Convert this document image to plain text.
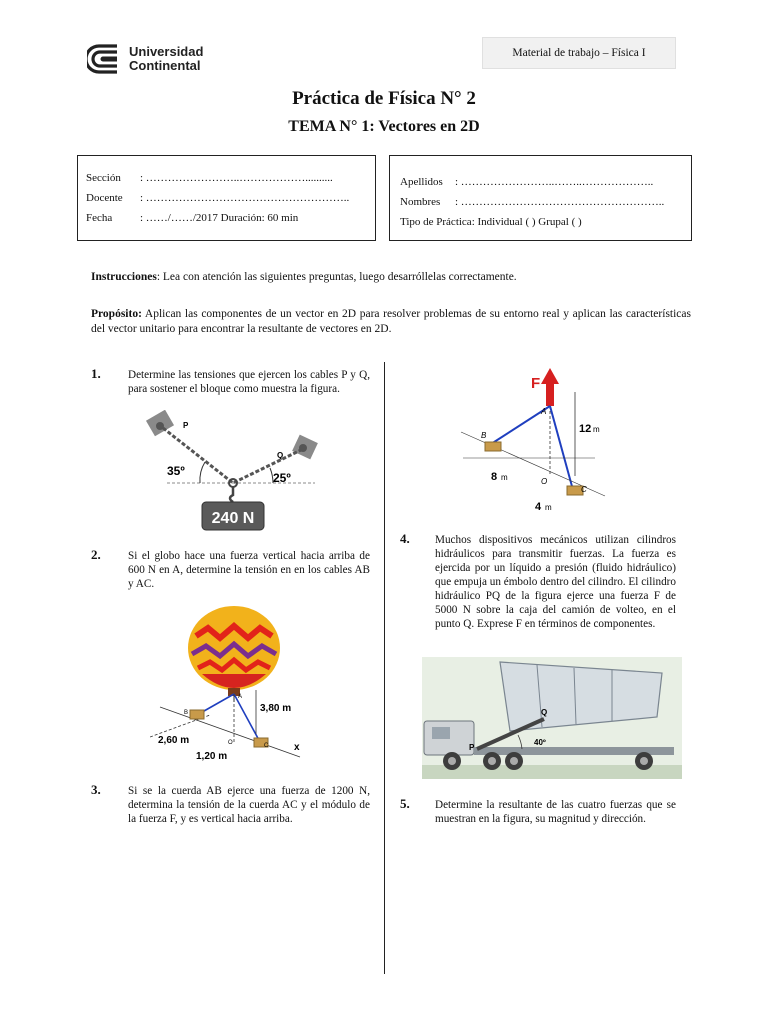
Universidad
Continental
Material de trabajo – Física I
Práctica de Física N° 2
TEMA N° 1: Vectores en 2D
Sección : ……………………..………………..........
Docente : ………………………………………………..
Fecha	: ……/……/2017 Duración: 60 min
Apellidos : ……………………..……..………………..
Nombres : ………………………………………………..
Tipo de Práctica: Individual ( ) Grupal ( )
Instrucciones: Lea con atención las siguientes preguntas, luego desarróllelas correctamente.
Propósito: Aplican las componentes de un vector en 2D para resolver problemas de su entorno real y aplican las características del vector unitario para encontrar la resultante de vectores en 2D.
1. Determine las tensiones que ejercen los cables P y Q, para sostener el bloque como muestra la figura.
P
Q
35º	25º
240 N
2. Si el globo hace una fuerza vertical hacia arriba de 600 N en A, determine la tensión en en los cables AB y AC.
A
B
C
O
3,80 m
2,60 m
1,20 m
x
3. Si se la cuerda AB ejerce una fuerza de 1200 N, determina la tensión de la cuerda AC y el módulo de la fuerza F, y es vertical hacia arriba.
F
A
B
C
O
12 m
8 m
4 m
4. Muchos dispositivos mecánicos utilizan cilindros hidráulicos para transmitir fuerzas. La fuerza es ejercida por un líquido a presión (fluido hidráulico) que empuja un émbolo dentro del cilindro. El cilindro hidráulico PQ de la figura ejerce una fuerza F de 5000 N sobre la caja del camión de volteo, en el punto Q. Exprese F en términos de componentes.
40º
Q
P
5. Determine la resultante de las cuatro fuerzas que se muestran en la figura, su magnitud y dirección.
